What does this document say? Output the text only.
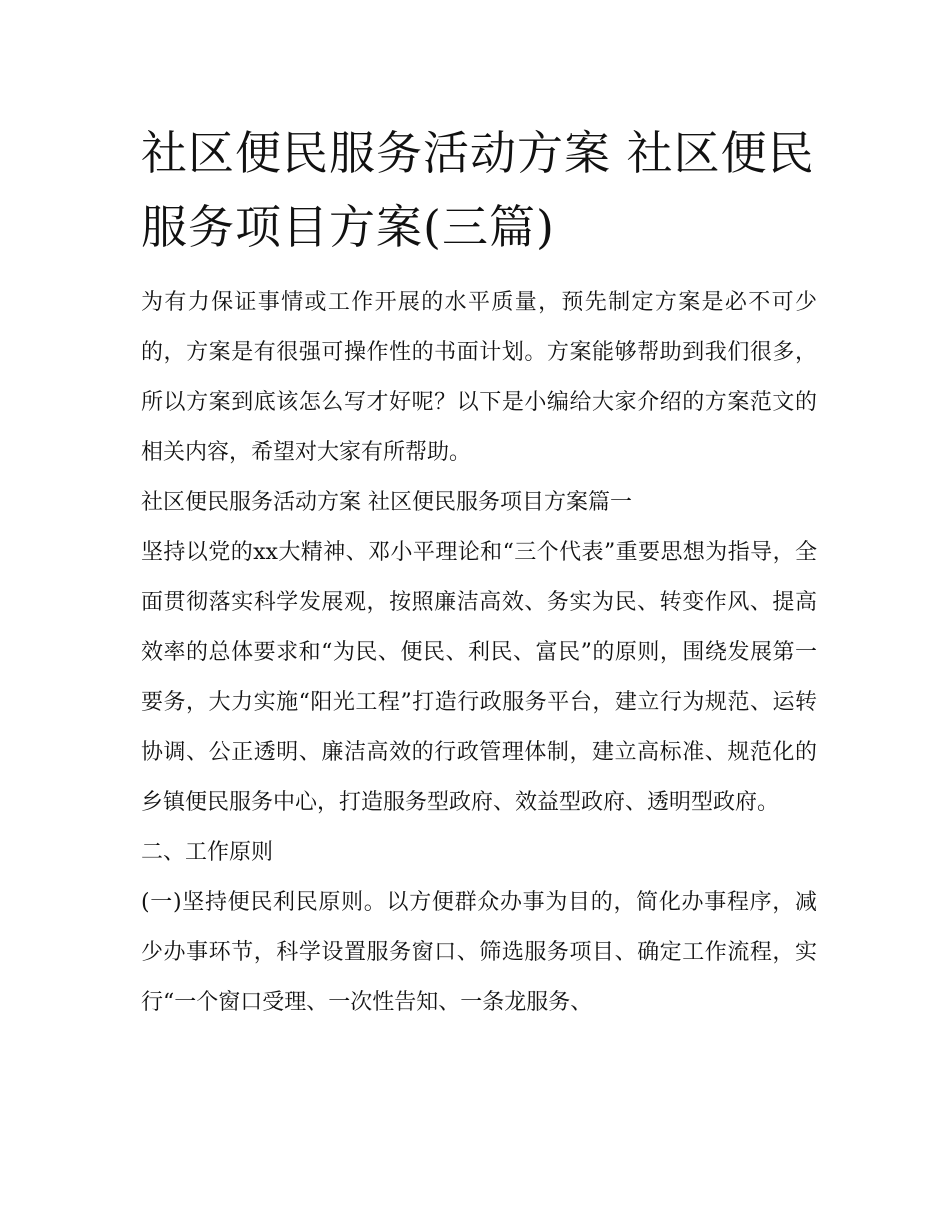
社区便民服务活动方案 社区便民服务项目方案(三篇)

为有力保证事情或工作开展的水平质量，预先制定方案是必不可少的，方案是有很强可操作性的书面计划。方案能够帮助到我们很多，所以方案到底该怎么写才好呢？以下是小编给大家介绍的方案范文的相关内容，希望对大家有所帮助。

社区便民服务活动方案 社区便民服务项目方案篇一

坚持以党的xx大精神、邓小平理论和“三个代表”重要思想为指导，全面贯彻落实科学发展观，按照廉洁高效、务实为民、转变作风、提高效率的总体要求和“为民、便民、利民、富民”的原则，围绕发展第一要务，大力实施“阳光工程”打造行政服务平台，建立行为规范、运转协调、公正透明、廉洁高效的行政管理体制，建立高标准、规范化的乡镇便民服务中心，打造服务型政府、效益型政府、透明型政府。

二、工作原则

(一)坚持便民利民原则。以方便群众办事为目的，简化办事程序，减少办事环节，科学设置服务窗口、筛选服务项目、确定工作流程，实行“一个窗口受理、一次性告知、一条龙服务、
